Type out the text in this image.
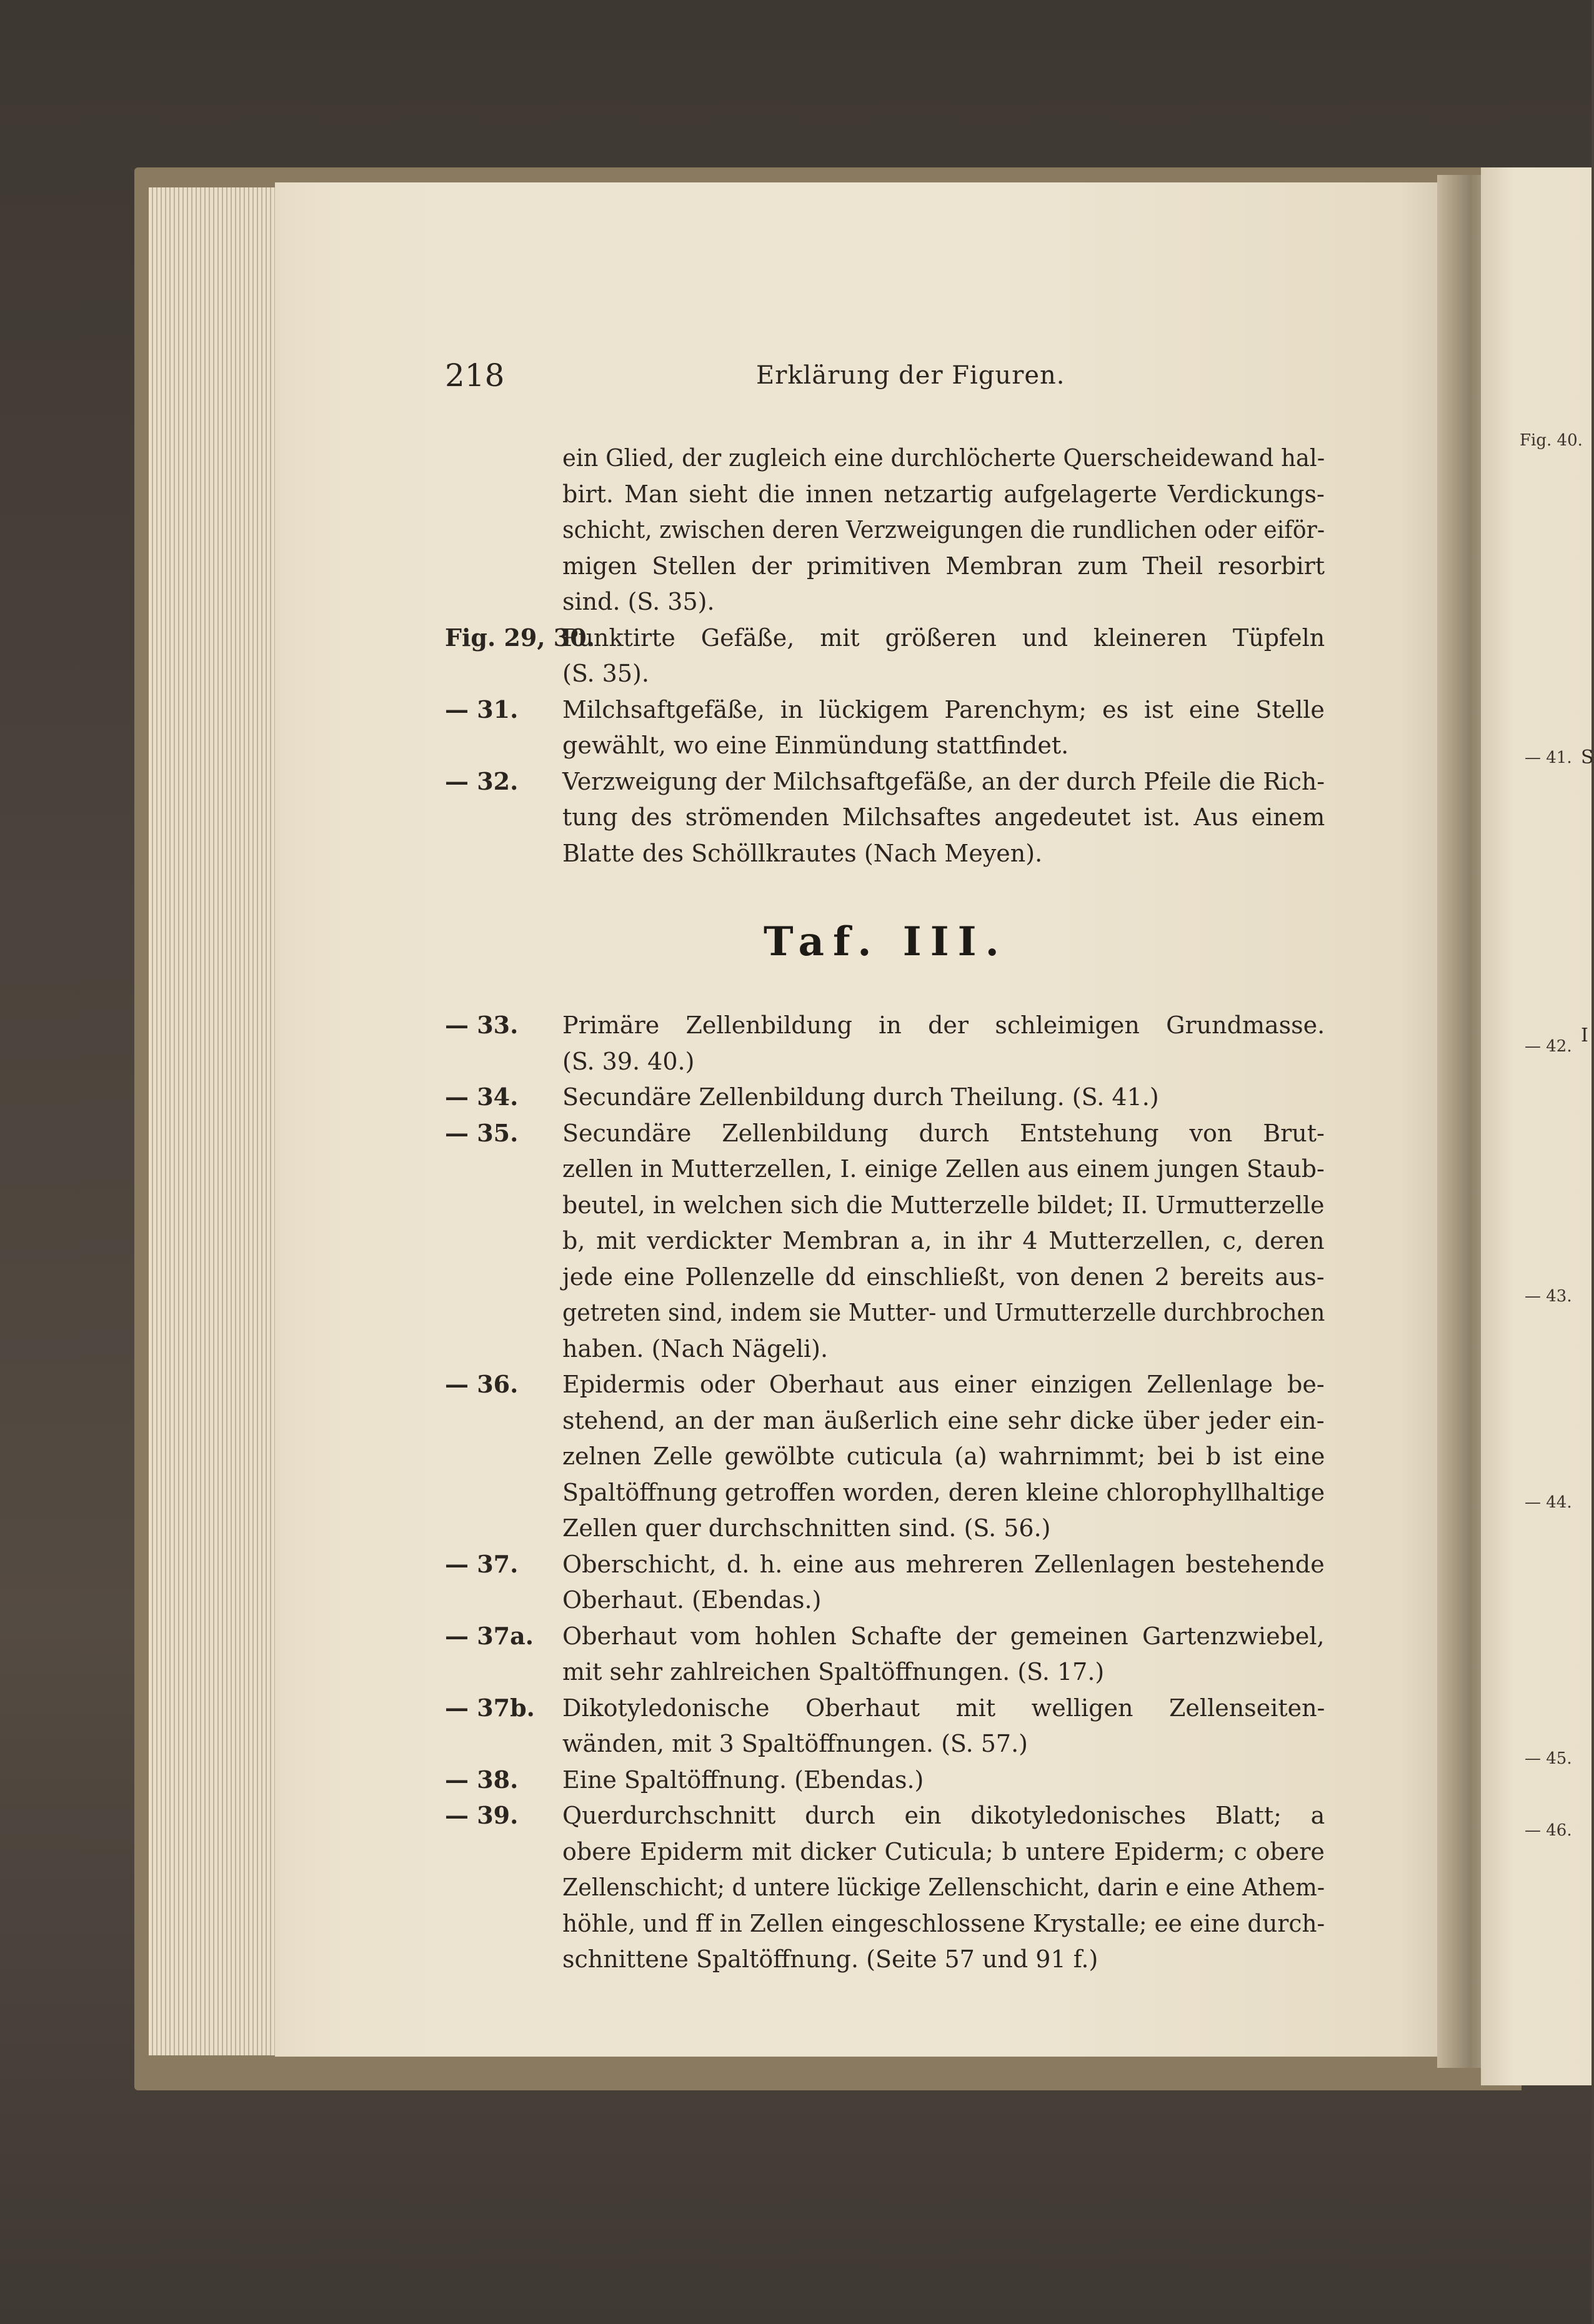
218	Erklärung der Figuren.
ein Glied, der zugleich eine durchlöcherte Querscheidewand hal-
birt. Man sieht die innen netzartig aufgelagerte Verdickungs-
schicht, zwischen deren Verzweigungen die rundlichen oder eiför-
migen Stellen der primitiven Membran zum Theil resorbirt
sind. (S. 35).
Fig. 29, 30.
Punktirte Gefäße, mit größeren und kleineren Tüpfeln
(S. 35).
— 31. Milchsaftgefäße, in lückigem Parenchym; es ist eine Stelle
gewählt, wo eine Einmündung stattfindet.
— 32. Verzweigung der Milchsaftgefäße, an der durch Pfeile die Rich-
tung des strömenden Milchsaftes angedeutet ist. Aus einem
Blatte des Schöllkrautes (Nach Meyen).
Taf. III.
— 33. Primäre Zellenbildung in der schleimigen Grundmasse.
(S. 39. 40.)
— 34. Secundäre Zellenbildung durch Theilung. (S. 41.)
— 35. Secundäre Zellenbildung durch Entstehung von Brut-
zellen in Mutterzellen, I. einige Zellen aus einem jungen Staub-
beutel, in welchen sich die Mutterzelle bildet; II. Urmutterzelle
b, mit verdickter Membran a, in ihr 4 Mutterzellen, c, deren
jede eine Pollenzelle dd einschließt, von denen 2 bereits aus-
getreten sind, indem sie Mutter- und Urmutterzelle durchbrochen
haben. (Nach Nägeli).
— 36. Epidermis oder Oberhaut aus einer einzigen Zellenlage be-
stehend, an der man äußerlich eine sehr dicke über jeder ein-
zelnen Zelle gewölbte cuticula (a) wahrnimmt; bei b ist eine
Spaltöffnung getroffen worden, deren kleine chlorophyllhaltige
Zellen quer durchschnitten sind. (S. 56.)
— 37. Oberschicht, d. h. eine aus mehreren Zellenlagen bestehende
Oberhaut. (Ebendas.)
— 37a. Oberhaut vom hohlen Schafte der gemeinen Gartenzwiebel,
mit sehr zahlreichen Spaltöffnungen. (S. 17.)
— 37b. Dikotyledonische Oberhaut mit welligen Zellenseiten-
wänden, mit 3 Spaltöffnungen. (S. 57.)
— 38. Eine Spaltöffnung. (Ebendas.)
— 39. Querdurchschnitt durch ein dikotyledonisches Blatt; a
obere Epiderm mit dicker Cuticula; b untere Epiderm; c obere
Zellenschicht; d untere lückige Zellenschicht, darin e eine Athem-
höhle, und ff in Zellen eingeschlossene Krystalle; ee eine durch-
schnittene Spaltöffnung. (Seite 57 und 91 f.)
Fig. 40.
— 41.
— 42.
— 43.
— 44.
— 45.
— 46.
S
I
